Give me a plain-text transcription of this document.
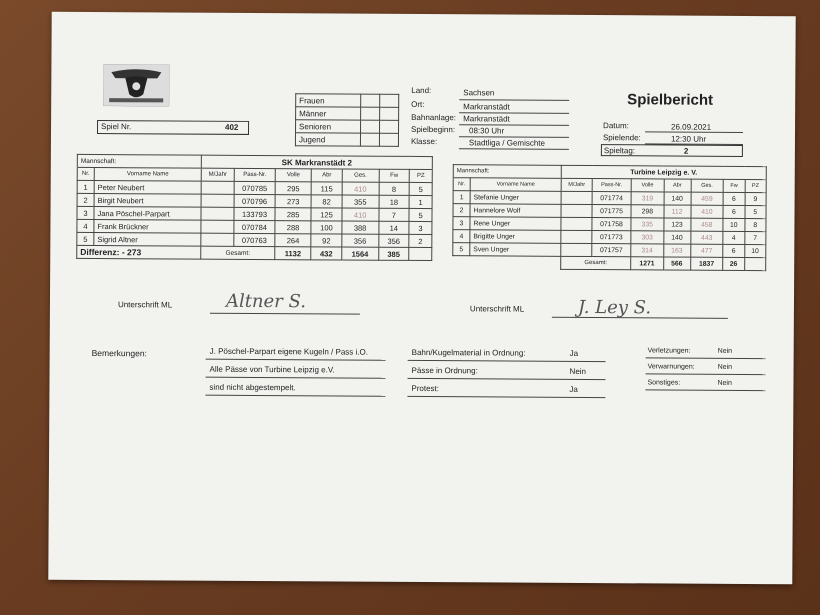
Spiel Nr.	402
Frauen		
Männer		
Senioren		
Jugend		
Land:	Sachsen
Ort:	Markranstädt
Bahnanlage: Markranstädt
Spielbeginn: 08:30 Uhr
Klasse:	Stadtliga / Gemischte
Spielbericht
Datum:	26.09.2021
Spielende:	12:30 Uhr
Spieltag:	2
Mannschaft:		SK Markranstädt 2						
Nr.	Vorname Name	M/Jahr	Pass-Nr.	Volle	Abr	Ges.	Fw	PZ
1	Peter Neubert		070785	295	115	410	8	5
2	Birgit Neubert		070796	273	82	355	18	1
3	Jana Pöschel-Parpart		133793	285	125	410	7	5
4	Frank Brückner		070784	288	100	388	14	3
5	Sigrid Altner		070763	264	92	356	356	2
Differenz: - 273		Gesamt:		1132	432	1564	385	
Mannschaft:		Turbine Leipzig e. V.						
Nr.	Vorname Name	M/Jahr	Pass-Nr.	Volle	Abr	Ges.	Fw	PZ
1	Stefanie Unger		071774	319	140	459	6	9
2	Hannelore Wolf		071775	298	112	410	6	5
3	Rene Unger		071758	335	123	458	10	8
4	Brigitte Unger		071773	303	140	443	4	7
5	Sven Unger		071757	314	163	477	6	10
		Gesamt:		1271	566	1837	26	
Unterschrift ML	Altner S.	Unterschrift ML	J. Ley S.
Bemerkungen:	J. Pöschel-Parpart eigene Kugeln / Pass i.O.
Alle Pässe von Turbine Leipzig e.V.
sind nicht abgestempelt.
Bahn/Kugelmaterial in Ordnung:	Ja
Pässe in Ordnung:	Nein
Protest:	Ja
Verletzungen:	Nein
Verwarnungen:	Nein
Sonstiges:	Nein
